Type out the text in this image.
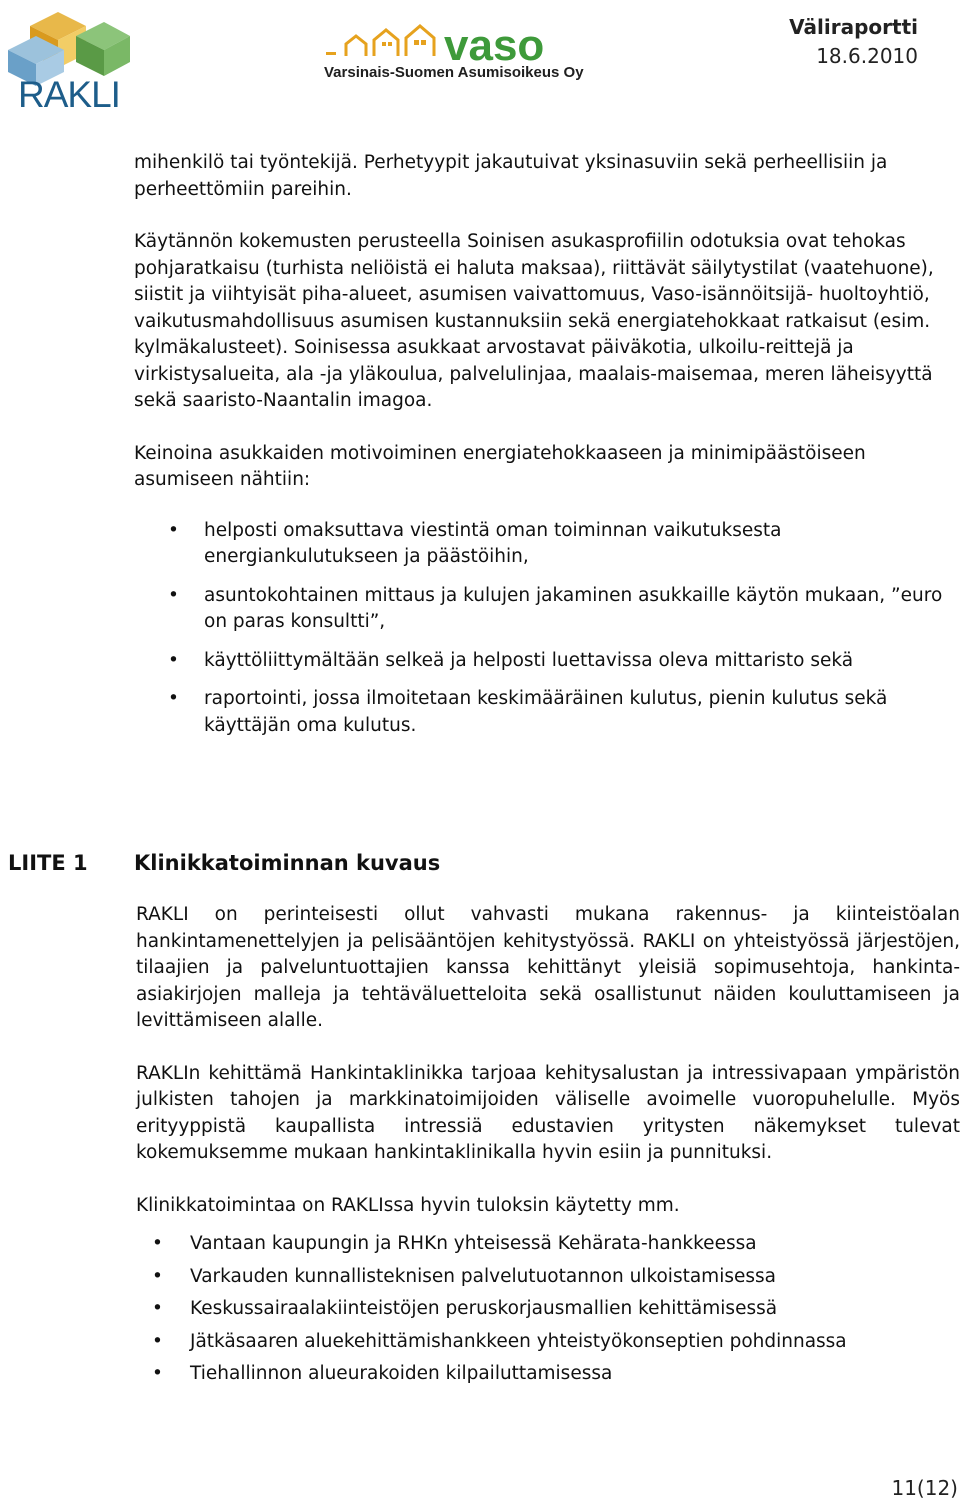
RAKLI
vaso
Varsinais-Suomen Asumisoikeus Oy
Väliraportti
18.6.2010

mihenkilö tai työntekijä. Perhetyypit jakautuivat yksinasuviin sekä perheellisiin ja perheettömiin pareihin.

Käytännön kokemusten perusteella Soinisen asukasprofiilin odotuksia ovat tehokas pohjaratkaisu (turhista neliöistä ei haluta maksaa), riittävät säilytystilat (vaatehuone), siistit ja viihtyisät piha-alueet, asumisen vaivattomuus, Vaso-isännöitsijä- huoltoyhtiö, vaikutusmahdollisuus asumisen kustannuksiin sekä energiatehokkaat ratkaisut (esim. kylmäkalusteet). Soinisessa asukkaat arvostavat päiväkotia, ulkoilu-reittejä ja virkistysalueita, ala -ja yläkoulua, palvelulinjaa, maalais-maisemaa, meren läheisyyttä sekä saaristo-Naantalin imagoa.

Keinoina asukkaiden motivoiminen energiatehokkaaseen ja minimipäästöiseen asumiseen nähtiin:

• helposti omaksuttava viestintä oman toiminnan vaikutuksesta energiankulutukseen ja päästöihin,
• asuntokohtainen mittaus ja kulujen jakaminen asukkaille käytön mukaan, ”euro on paras konsultti”,
• käyttöliittymältään selkeä ja helposti luettavissa oleva mittaristo sekä
• raportointi, jossa ilmoitetaan keskimääräinen kulutus, pienin kulutus sekä käyttäjän oma kulutus.
LIITE 1 Klinikkatoiminnan kuvaus

RAKLI on perinteisesti ollut vahvasti mukana rakennus- ja kiinteistöalan hankintamenettelyjen ja pelisääntöjen kehitystyössä. RAKLI on yhteistyössä järjestöjen, tilaajien ja palveluntuottajien kanssa kehittänyt yleisiä sopimusehtoja, hankinta-asiakirjojen malleja ja tehtäväluetteloita sekä osallistunut näiden kouluttamiseen ja levittämiseen alalle.

RAKLIn kehittämä Hankintaklinikka tarjoaa kehitysalustan ja intressivapaan ympäristön julkisten tahojen ja markkinatoimijoiden väliselle avoimelle vuoropuhelulle. Myös erityyppistä kaupallista intressiä edustavien yritysten näkemykset tulevat kokemuksemme mukaan hankintaklinikalla hyvin esiin ja punnituksi.

Klinikkatoimintaa on RAKLIssa hyvin tuloksin käytetty mm.

• Vantaan kaupungin ja RHKn yhteisessä Kehärata-hankkeessa
• Varkauden kunnallisteknisen palvelutuotannon ulkoistamisessa
• Keskussairaalakiinteistöjen peruskorjausmallien kehittämisessä
• Jätkäsaaren aluekehittämishankkeen yhteistyökonseptien pohdinnassa
• Tiehallinnon alueurakoiden kilpailuttamisessa
11(12)
